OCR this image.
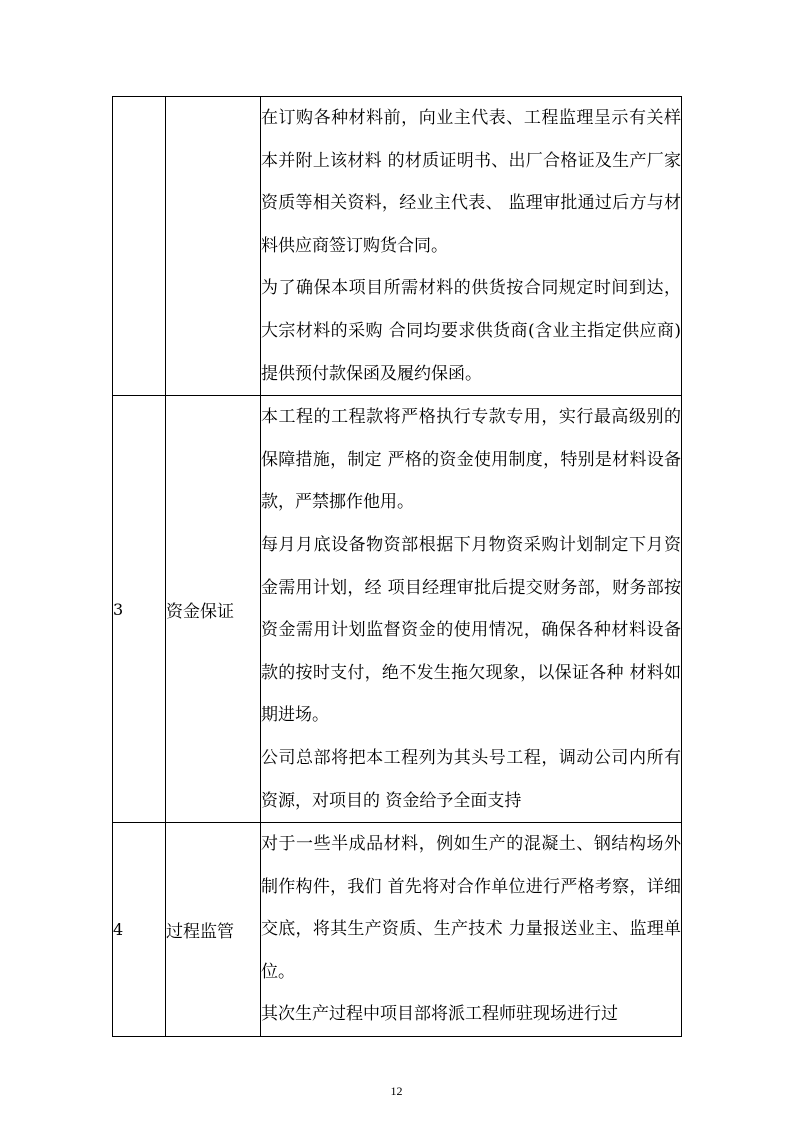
		在订购各种材料前，向业主代表、工程监理呈示有关样本并附上该材料 的材质证明书、出厂合格证及生产厂家资质等相关资料，经业主代表、 监理审批通过后方与材料供应商签订购货合同。
为了确保本项目所需材料的供货按合同规定时间到达，大宗材料的采购 合同均要求供货商(含业主指定供应商)提供预付款保函及履约保函。

3	资金保证	本工程的工程款将严格执行专款专用，实行最高级别的保障措施，制定 严格的资金使用制度，特别是材料设备款，严禁挪作他用。
每月月底设备物资部根据下月物资采购计划制定下月资金需用计划，经 项目经理审批后提交财务部，财务部按资金需用计划监督资金的使用情况，确保各种材料设备款的按时支付，绝不发生拖欠现象，以保证各种 材料如期进场。
公司总部将把本工程列为其头号工程，调动公司内所有资源，对项目的 资金给予全面支持

4	过程监管	对于一些半成品材料，例如生产的混凝土、钢结构场外制作构件，我们 首先将对合作单位进行严格考察，详细交底，将其生产资质、生产技术 力量报送业主、监理单位。
其次生产过程中项目部将派工程师驻现场进行过
12
